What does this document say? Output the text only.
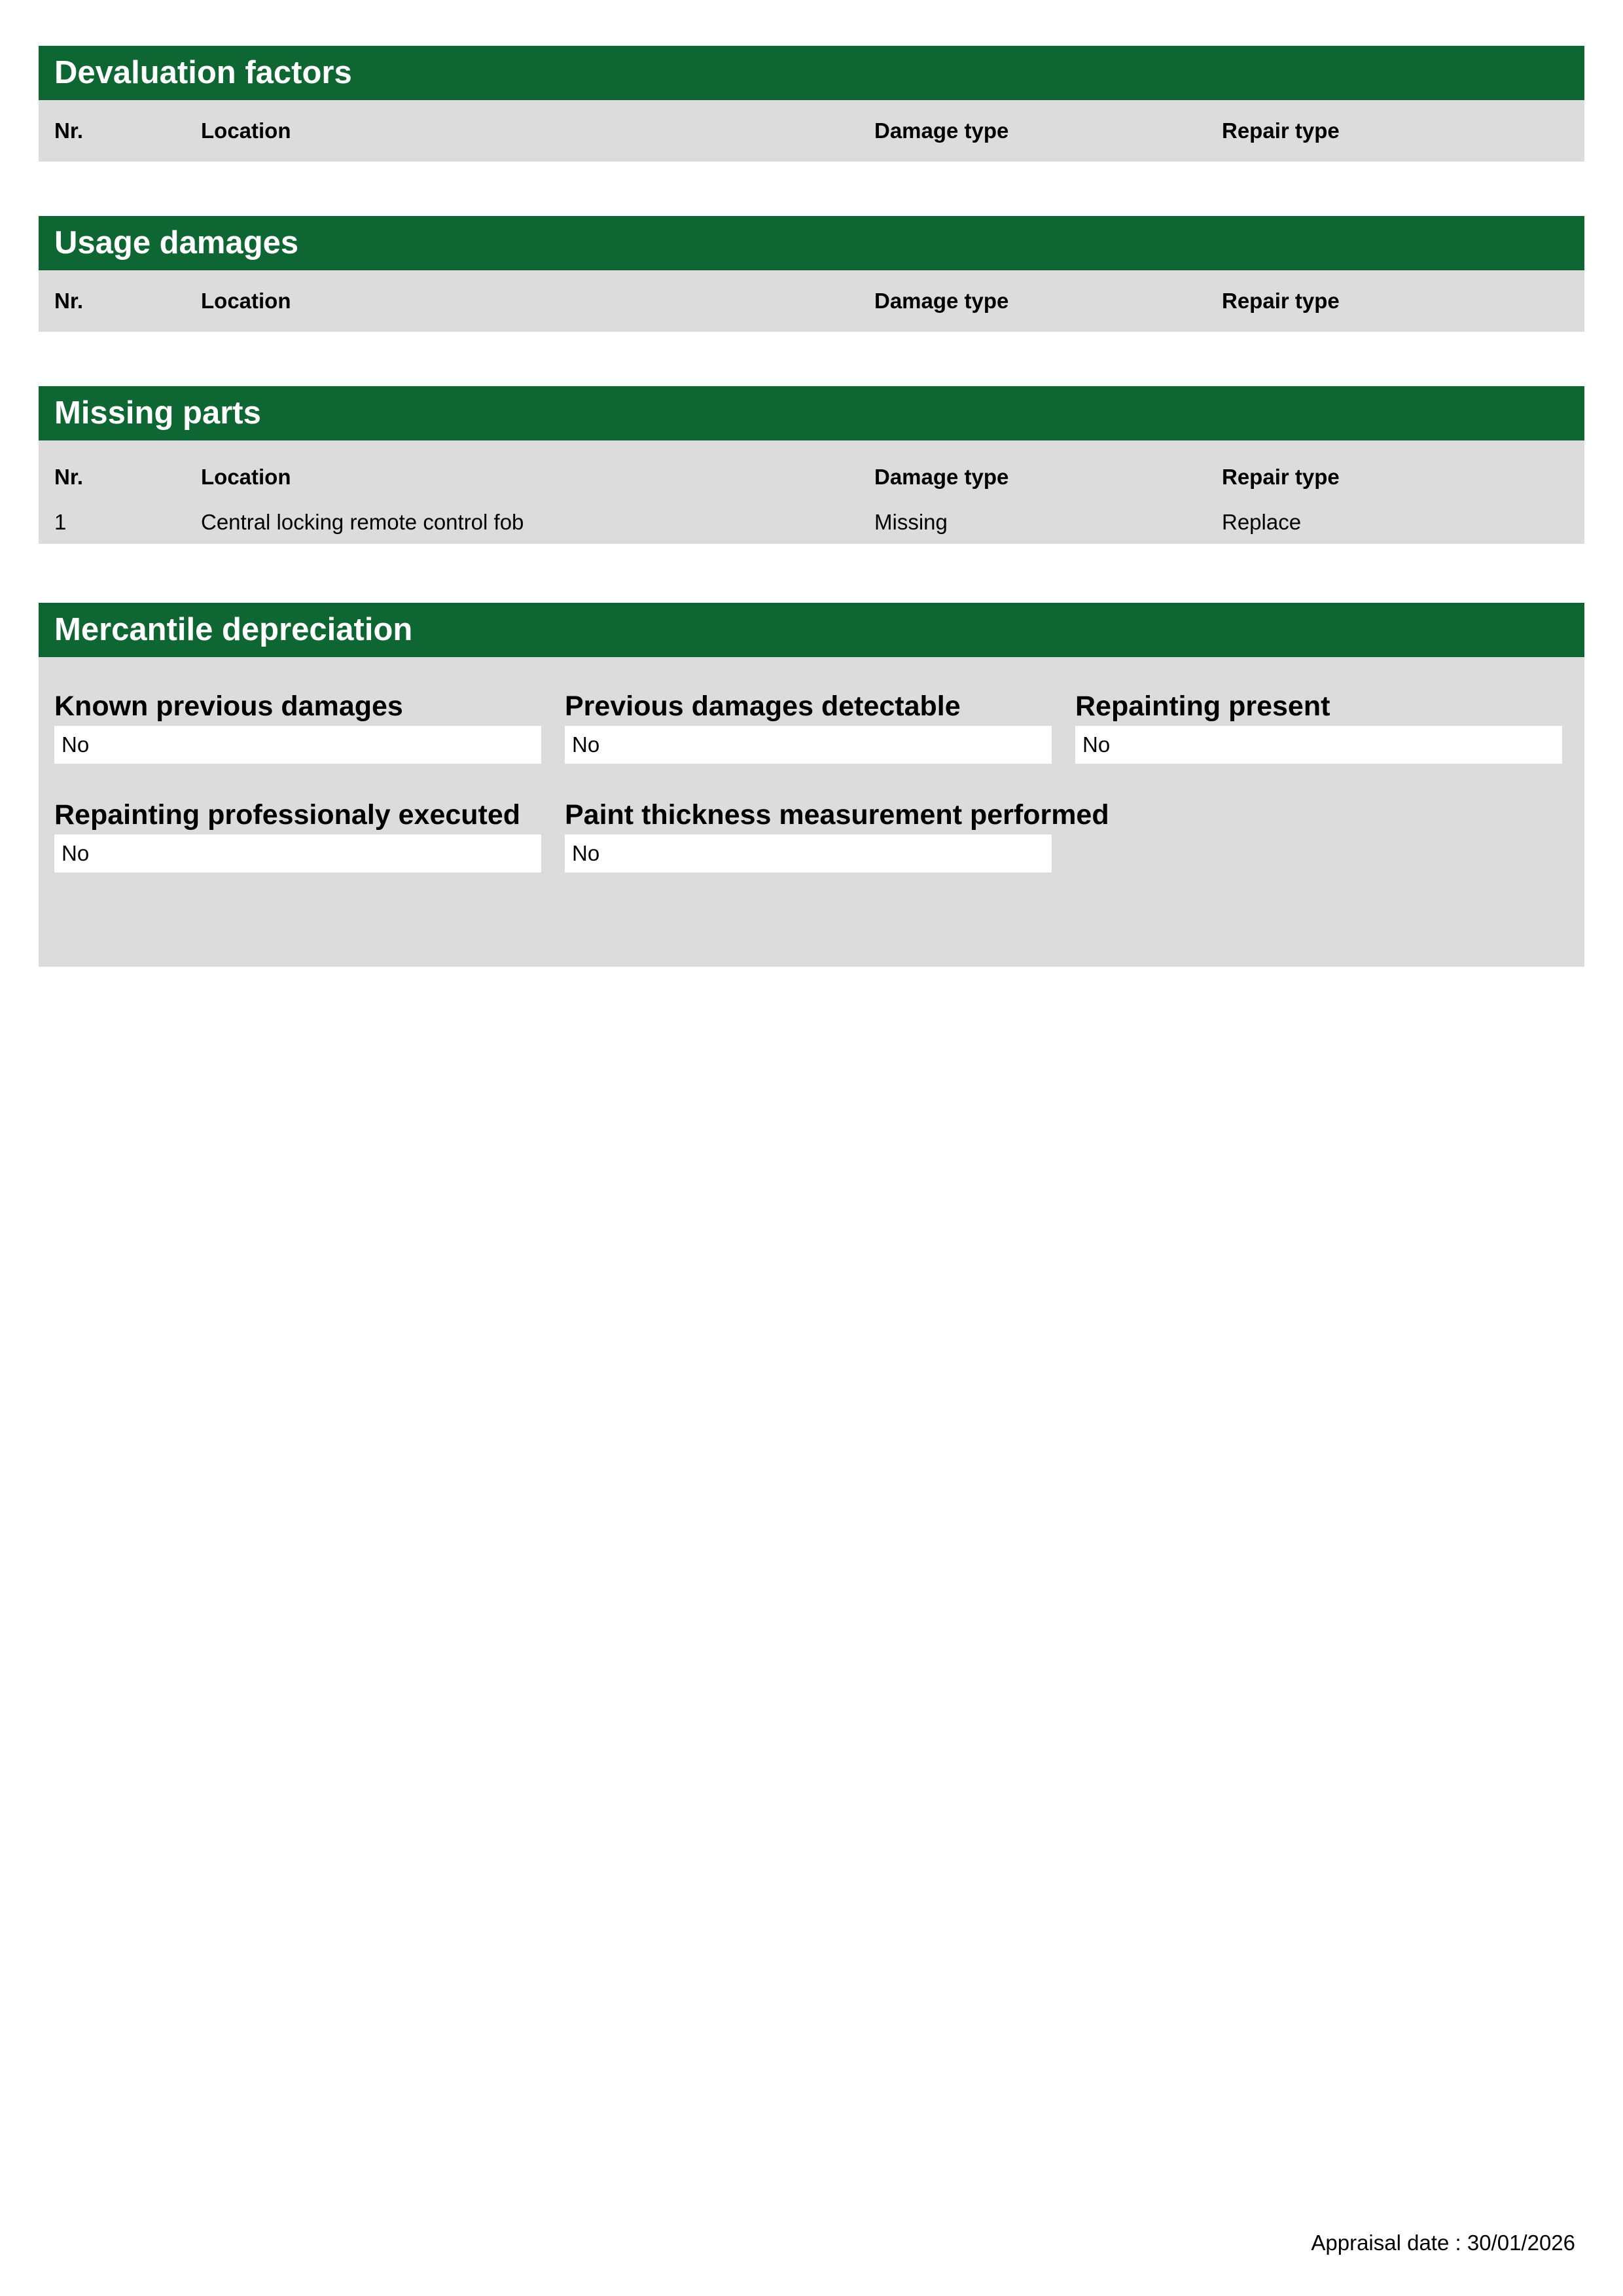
Devaluation factors
Nr.	Location	Damage type	Repair type
Usage damages
Nr.	Location	Damage type	Repair type
Missing parts
Nr.	Location	Damage type	Repair type
1	Central locking remote control fob	Missing	Replace
Mercantile depreciation
Known previous damages
No
Previous damages detectable
No
Repainting present
No
Repainting professionaly executed
No
Paint thickness measurement performed
No
Appraisal date : 30/01/2026
